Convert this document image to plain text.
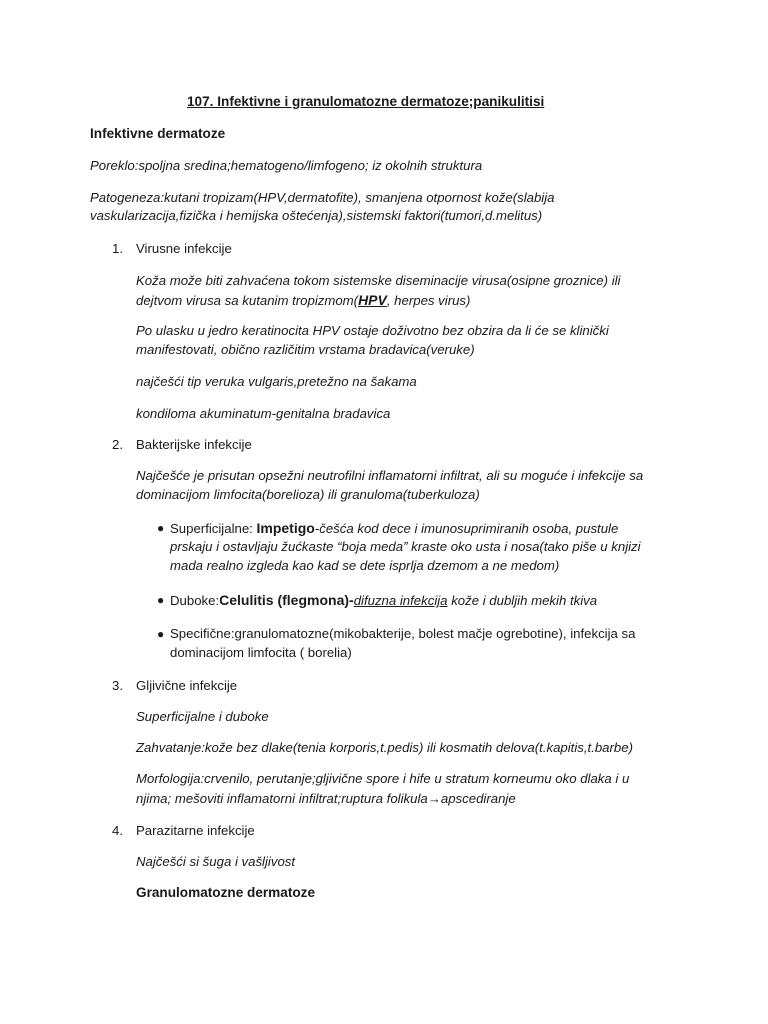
107. Infektivne i granulomatozne dermatoze;panikulitisi
Infektivne dermatoze
Poreklo:spoljna sredina;hematogeno/limfogeno; iz okolnih struktura
Patogeneza:kutani tropizam(HPV,dermatofite), smanjena otpornost kože(slabija
vaskularizacija,fizička i hemijska oštećenja),sistemski faktori(tumori,d.melitus)
1. Virusne infekcije
Koža može biti zahvaćena tokom sistemske diseminacije virusa(osipne groznice) ili
dejtvom virusa sa kutanim tropizmom(HPV, herpes virus)
Po ulasku u jedro keratinocita HPV ostaje doživotno bez obzira da li će se klinički
manifestovati, obično različitim vrstama bradavica(veruke)
najčešći tip veruka vulgaris,pretežno na šakama
kondiloma akuminatum-genitalna bradavica
2. Bakterijske infekcije
Najčešće je prisutan opsežni neutrofilni inflamatorni infiltrat, ali su moguće i infekcije sa
dominacijom limfocita(borelioza) ili granuloma(tuberkuloza)
● Superficijalne: Impetigo-češća kod dece i imunosuprimiranih osoba, pustule
prskaju i ostavljaju žućkaste “boja meda” kraste oko usta i nosa(tako piše u knjizi
mada realno izgleda kao kad se dete isprlja dzemom a ne medom)
● Duboke:Celulitis (flegmona)-difuzna infekcija kože i dubljih mekih tkiva
● Specifične:granulomatozne(mikobakterije, bolest mačje ogrebotine), infekcija sa
dominacijom limfocita ( borelia)
3. Gljivične infekcije
Superficijalne i duboke
Zahvatanje:kože bez dlake(tenia korporis,t.pedis) ili kosmatih delova(t.kapitis,t.barbe)
Morfologija:crvenilo, perutanje;gljivične spore i hife u stratum korneumu oko dlaka i u
njima; mešoviti inflamatorni infiltrat;ruptura folikula→apscediranje
4. Parazitarne infekcije
Najčešći si šuga i vašljivost
Granulomatozne dermatoze
